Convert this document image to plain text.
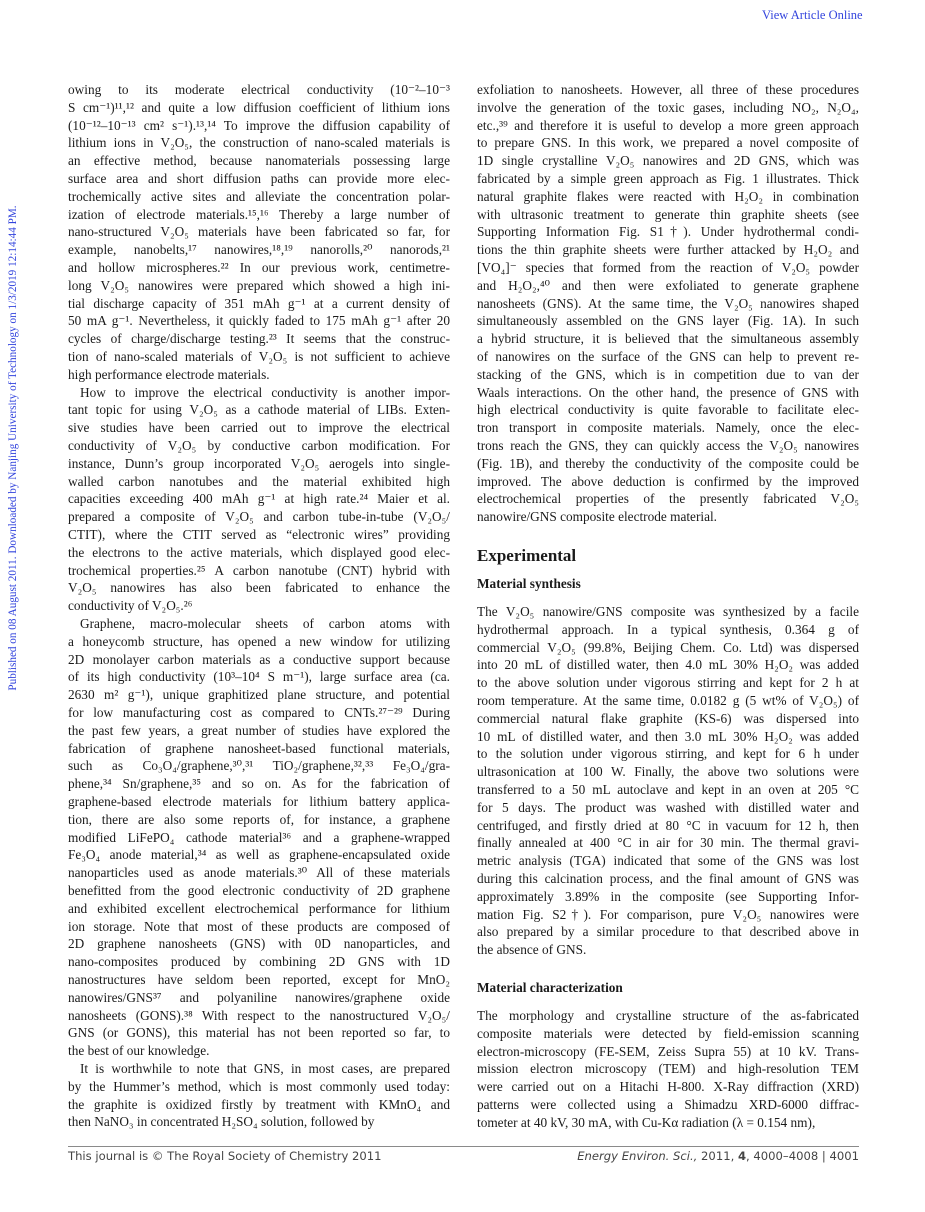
View Article Online
Published on 08 August 2011. Downloaded by Nanjing University of Technology on 1/3/2019 12:14:44 PM.
owing to its moderate electrical conductivity (10⁻²–10⁻³
S cm⁻¹)¹¹,¹² and quite a low diffusion coefficient of lithium ions
(10⁻¹²–10⁻¹³ cm² s⁻¹).¹³,¹⁴ To improve the diffusion capability of
lithium ions in V₂O₅, the construction of nano-scaled materials is
an effective method, because nanomaterials possessing large
surface area and short diffusion paths can provide more elec-
trochemically active sites and alleviate the concentration polar-
ization of electrode materials.¹⁵,¹⁶ Thereby a large number of
nano-structured V₂O₅ materials have been fabricated so far, for
example, nanobelts,¹⁷ nanowires,¹⁸,¹⁹ nanorolls,²⁰ nanorods,²¹
and hollow microspheres.²² In our previous work, centimetre-
long V₂O₅ nanowires were prepared which showed a high ini-
tial discharge capacity of 351 mAh g⁻¹ at a current density of
50 mA g⁻¹. Nevertheless, it quickly faded to 175 mAh g⁻¹ after 20
cycles of charge/discharge testing.²³ It seems that the construc-
tion of nano-scaled materials of V₂O₅ is not sufficient to achieve
high performance electrode materials.
How to improve the electrical conductivity is another impor-
tant topic for using V₂O₅ as a cathode material of LIBs. Exten-
sive studies have been carried out to improve the electrical
conductivity of V₂O₅ by conductive carbon modification. For
instance, Dunn’s group incorporated V₂O₅ aerogels into single-
walled carbon nanotubes and the material exhibited high
capacities exceeding 400 mAh g⁻¹ at high rate.²⁴ Maier et al.
prepared a composite of V₂O₅ and carbon tube-in-tube (V₂O₅/
CTIT), where the CTIT served as “electronic wires” providing
the electrons to the active materials, which displayed good elec-
trochemical properties.²⁵ A carbon nanotube (CNT) hybrid with
V₂O₅ nanowires has also been fabricated to enhance the
conductivity of V₂O₅.²⁶
Graphene, macro-molecular sheets of carbon atoms with
a honeycomb structure, has opened a new window for utilizing
2D monolayer carbon materials as a conductive support because
of its high conductivity (10³–10⁴ S m⁻¹), large surface area (ca.
2630 m² g⁻¹), unique graphitized plane structure, and potential
for low manufacturing cost as compared to CNTs.²⁷⁻²⁹ During
the past few years, a great number of studies have explored the
fabrication of graphene nanosheet-based functional materials,
such as Co₃O₄/graphene,³⁰,³¹ TiO₂/graphene,³²,³³ Fe₃O₄/gra-
phene,³⁴ Sn/graphene,³⁵ and so on. As for the fabrication of
graphene-based electrode materials for lithium battery applica-
tion, there are also some reports of, for instance, a graphene
modified LiFePO₄ cathode material³⁶ and a graphene-wrapped
Fe₃O₄ anode material,³⁴ as well as graphene-encapsulated oxide
nanoparticles used as anode materials.³⁰ All of these materials
benefitted from the good electronic conductivity of 2D graphene
and exhibited excellent electrochemical performance for lithium
ion storage. Note that most of these products are composed of
2D graphene nanosheets (GNS) with 0D nanoparticles, and
nano-composites produced by combining 2D GNS with 1D
nanostructures have seldom been reported, except for MnO₂
nanowires/GNS³⁷ and polyaniline nanowires/graphene oxide
nanosheets (GONS).³⁸ With respect to the nanostructured V₂O₅/
GNS (or GONS), this material has not been reported so far, to
the best of our knowledge.
It is worthwhile to note that GNS, in most cases, are prepared
by the Hummer’s method, which is most commonly used today:
the graphite is oxidized firstly by treatment with KMnO₄ and
then NaNO₃ in concentrated H₂SO₄ solution, followed by
exfoliation to nanosheets. However, all three of these procedures
involve the generation of the toxic gases, including NO₂, N₂O₄,
etc.,³⁹ and therefore it is useful to develop a more green approach
to prepare GNS. In this work, we prepared a novel composite of
1D single crystalline V₂O₅ nanowires and 2D GNS, which was
fabricated by a simple green approach as Fig. 1 illustrates. Thick
natural graphite flakes were reacted with H₂O₂ in combination
with ultrasonic treatment to generate thin graphite sheets (see
Supporting Information Fig. S1†). Under hydrothermal condi-
tions the thin graphite sheets were further attacked by H₂O₂ and
[VO₄]⁻ species that formed from the reaction of V₂O₅ powder
and H₂O₂,⁴⁰ and then were exfoliated to generate graphene
nanosheets (GNS). At the same time, the V₂O₅ nanowires shaped
simultaneously assembled on the GNS layer (Fig. 1A). In such
a hybrid structure, it is believed that the simultaneous assembly
of nanowires on the surface of the GNS can help to prevent re-
stacking of the GNS, which is in competition due to van der
Waals interactions. On the other hand, the presence of GNS with
high electrical conductivity is quite favorable to facilitate elec-
tron transport in composite materials. Namely, once the elec-
trons reach the GNS, they can quickly access the V₂O₅ nanowires
(Fig. 1B), and thereby the conductivity of the composite could be
improved. The above deduction is confirmed by the improved
electrochemical properties of the presently fabricated V₂O₅
nanowire/GNS composite electrode material.
Experimental
Material synthesis
The V₂O₅ nanowire/GNS composite was synthesized by a facile
hydrothermal approach. In a typical synthesis, 0.364 g of
commercial V₂O₅ (99.8%, Beijing Chem. Co. Ltd) was dispersed
into 20 mL of distilled water, then 4.0 mL 30% H₂O₂ was added
to the above solution under vigorous stirring and kept for 2 h at
room temperature. At the same time, 0.0182 g (5 wt% of V₂O₅) of
commercial natural flake graphite (KS-6) was dispersed into
10 mL of distilled water, and then 3.0 mL 30% H₂O₂ was added
to the solution under vigorous stirring, and kept for 6 h under
ultrasonication at 100 W. Finally, the above two solutions were
transferred to a 50 mL autoclave and kept in an oven at 205 °C
for 5 days. The product was washed with distilled water and
centrifuged, and firstly dried at 80 °C in vacuum for 12 h, then
finally annealed at 400 °C in air for 30 min. The thermal gravi-
metric analysis (TGA) indicated that some of the GNS was lost
during this calcination process, and the final amount of GNS was
approximately 3.89% in the composite (see Supporting Infor-
mation Fig. S2†). For comparison, pure V₂O₅ nanowires were
also prepared by a similar procedure to that described above in
the absence of GNS.
Material characterization
The morphology and crystalline structure of the as-fabricated
composite materials were detected by field-emission scanning
electron-microscopy (FE-SEM, Zeiss Supra 55) at 10 kV. Trans-
mission electron microscopy (TEM) and high-resolution TEM
were carried out on a Hitachi H-800. X-Ray diffraction (XRD)
patterns were collected using a Shimadzu XRD-6000 diffrac-
tometer at 40 kV, 30 mA, with Cu-Kα radiation (λ = 0.154 nm),
This journal is © The Royal Society of Chemistry 2011	Energy Environ. Sci., 2011, 4, 4000–4008 | 4001
